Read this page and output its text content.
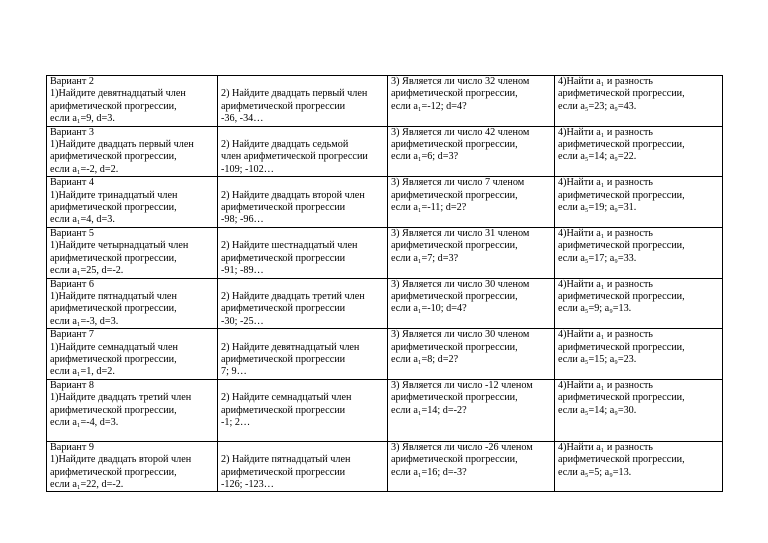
Вариант 2
1)Найдите девятнадцатый член
арифметической прогрессии,
если a₁=9, d=3.	2) Найдите двадцать первый член
арифметической прогрессии
-36, -34…	3) Является ли число 32 членом
арифметической прогрессии,
если a₁=-12; d=4?	4)Найти a₁ и разность
арифметической прогрессии,
если a₅=23; a₉=43.

Вариант 3
1)Найдите двадцать первый член
арифметической прогрессии,
если a₁=-2, d=2.	2) Найдите двадцать седьмой
член арифметической прогрессии
-109; -102…	3) Является ли число 42 членом
арифметической прогрессии,
если a₁=6; d=3?	4)Найти a₁ и разность
арифметической прогрессии,
если a₅=14; a₉=22.

Вариант 4
1)Найдите тринадцатый член
арифметической прогрессии,
если a₁=4, d=3.	2) Найдите двадцать второй член
арифметической прогрессии
-98; -96…	3) Является ли число 7 членом
арифметической прогрессии,
если a₁=-11; d=2?	4)Найти a₁ и разность
арифметической прогрессии,
если a₅=19; a₉=31.

Вариант 5
1)Найдите четырнадцатый член
арифметической прогрессии,
если a₁=25, d=-2.	2) Найдите шестнадцатый член
арифметической прогрессии
-91; -89…	3) Является ли число 31 членом
арифметической прогрессии,
если a₁=7; d=3?	4)Найти a₁ и разность
арифметической прогрессии,
если a₅=17; a₉=33.

Вариант 6
1)Найдите пятнадцатый член
арифметической прогрессии,
если a₁=-3, d=3.	2) Найдите двадцать третий член
арифметической прогрессии
-30; -25…	3) Является ли число 30 членом
арифметической прогрессии,
если a₁=-10; d=4?	4)Найти a₁ и разность
арифметической прогрессии,
если a₅=9; a₉=13.

Вариант 7
1)Найдите семнадцатый член
арифметической прогрессии,
если a₁=1, d=2.	2) Найдите девятнадцатый член
арифметической прогрессии
7; 9…	3) Является ли число 30 членом
арифметической прогрессии,
если a₁=8; d=2?	4)Найти a₁ и разность
арифметической прогрессии,
если a₅=15; a₉=23.

Вариант 8
1)Найдите двадцать третий член
арифметической прогрессии,
если a₁=-4, d=3.	2) Найдите семнадцатый член
арифметической прогрессии
-1; 2…	3) Является ли число -12 членом
арифметической прогрессии,
если a₁=14; d=-2?	4)Найти a₁ и разность
арифметической прогрессии,
если a₅=14; a₉=30.

Вариант 9
1)Найдите двадцать второй член
арифметической прогрессии,
если a₁=22, d=-2.	2) Найдите пятнадцатый член
арифметической прогрессии
-126; -123…	3) Является ли число -26 членом
арифметической прогрессии,
если a₁=16; d=-3?	4)Найти a₁ и разность
арифметической прогрессии,
если a₅=5; a₉=13.
